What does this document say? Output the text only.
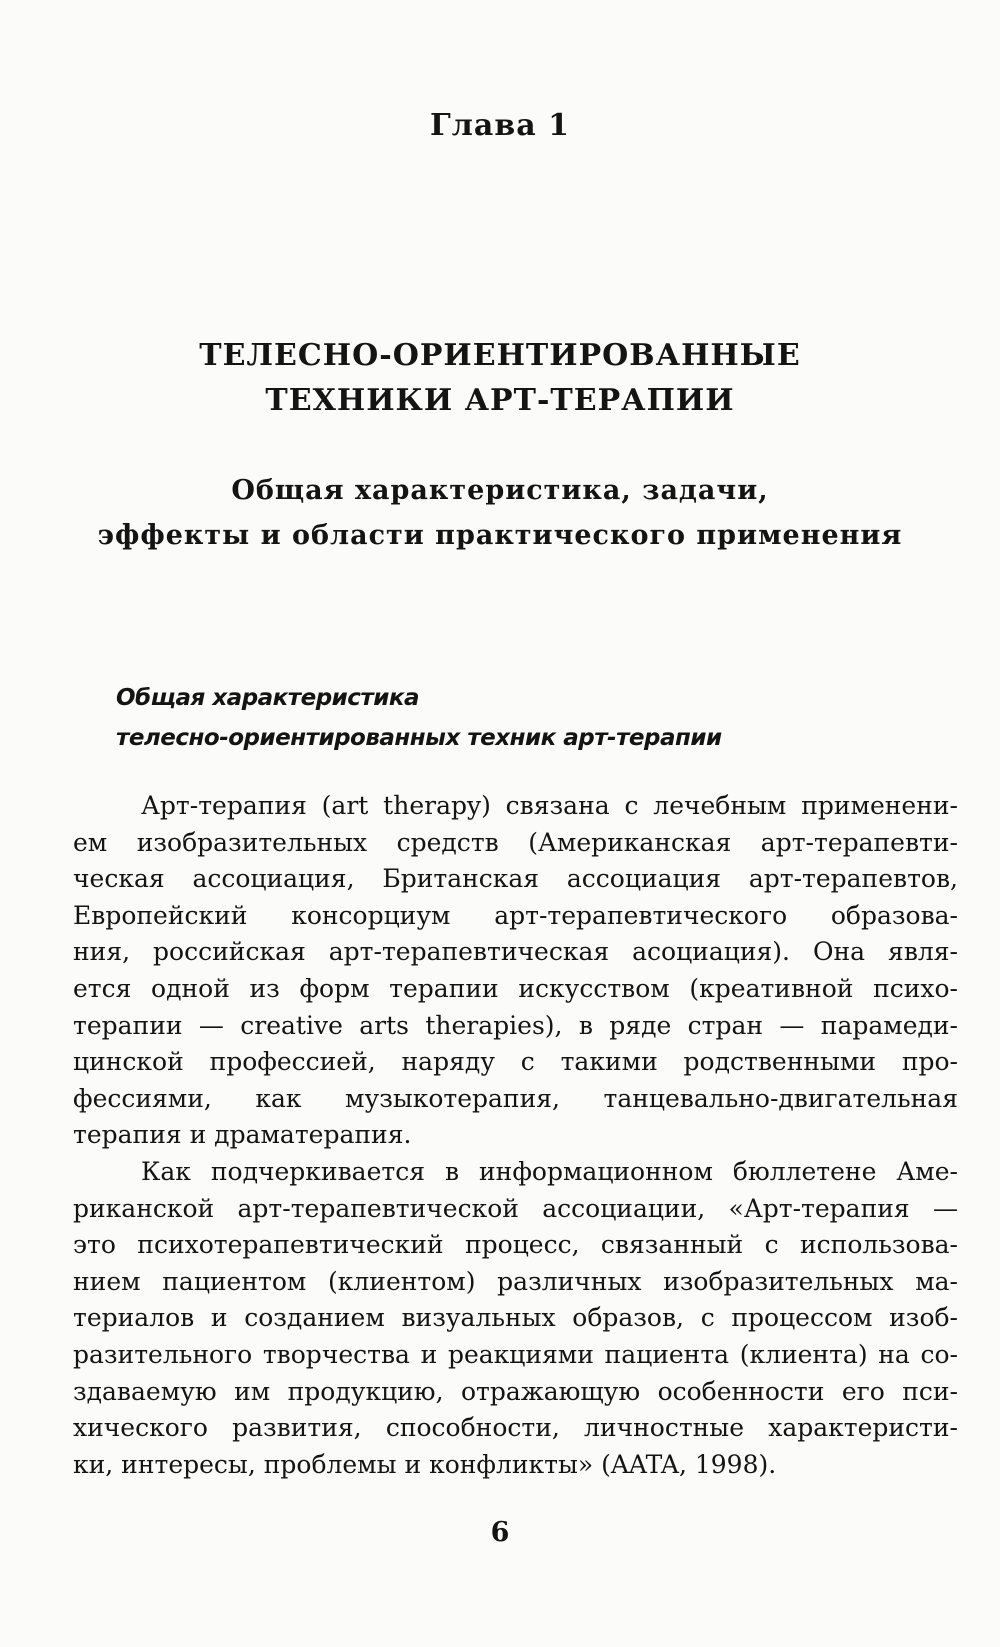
Глава 1
ТЕЛЕСНО-ОРИЕНТИРОВАННЫЕ
ТЕХНИКИ АРТ-ТЕРАПИИ
Общая характеристика, задачи,
эффекты и области практического применения
Общая характеристика
телесно-ориентированных техник арт-терапии
Арт-терапия (art therapy) связана с лечебным применени-
ем изобразительных средств (Американская арт-терапевти-
ческая ассоциация, Британская ассоциация арт-терапевтов,
Европейский консорциум арт-терапевтического образова-
ния, российская арт-терапевтическая асоциация). Она явля-
ется одной из форм терапии искусством (креативной психо-
терапии — creative arts therapies), в ряде стран — парамеди-
цинской профессией, наряду с такими родственными про-
фессиями, как музыкотерапия, танцевально-двигательная
терапия и драматерапия.
Как подчеркивается в информационном бюллетене Аме-
риканской арт-терапевтической ассоциации, «Арт-терапия —
это психотерапевтический процесс, связанный с использова-
нием пациентом (клиентом) различных изобразительных ма-
териалов и созданием визуальных образов, с процессом изоб-
разительного творчества и реакциями пациента (клиента) на со-
здаваемую им продукцию, отражающую особенности его пси-
хического развития, способности, личностные характеристи-
ки, интересы, проблемы и конфликты» (AATA, 1998).
6
